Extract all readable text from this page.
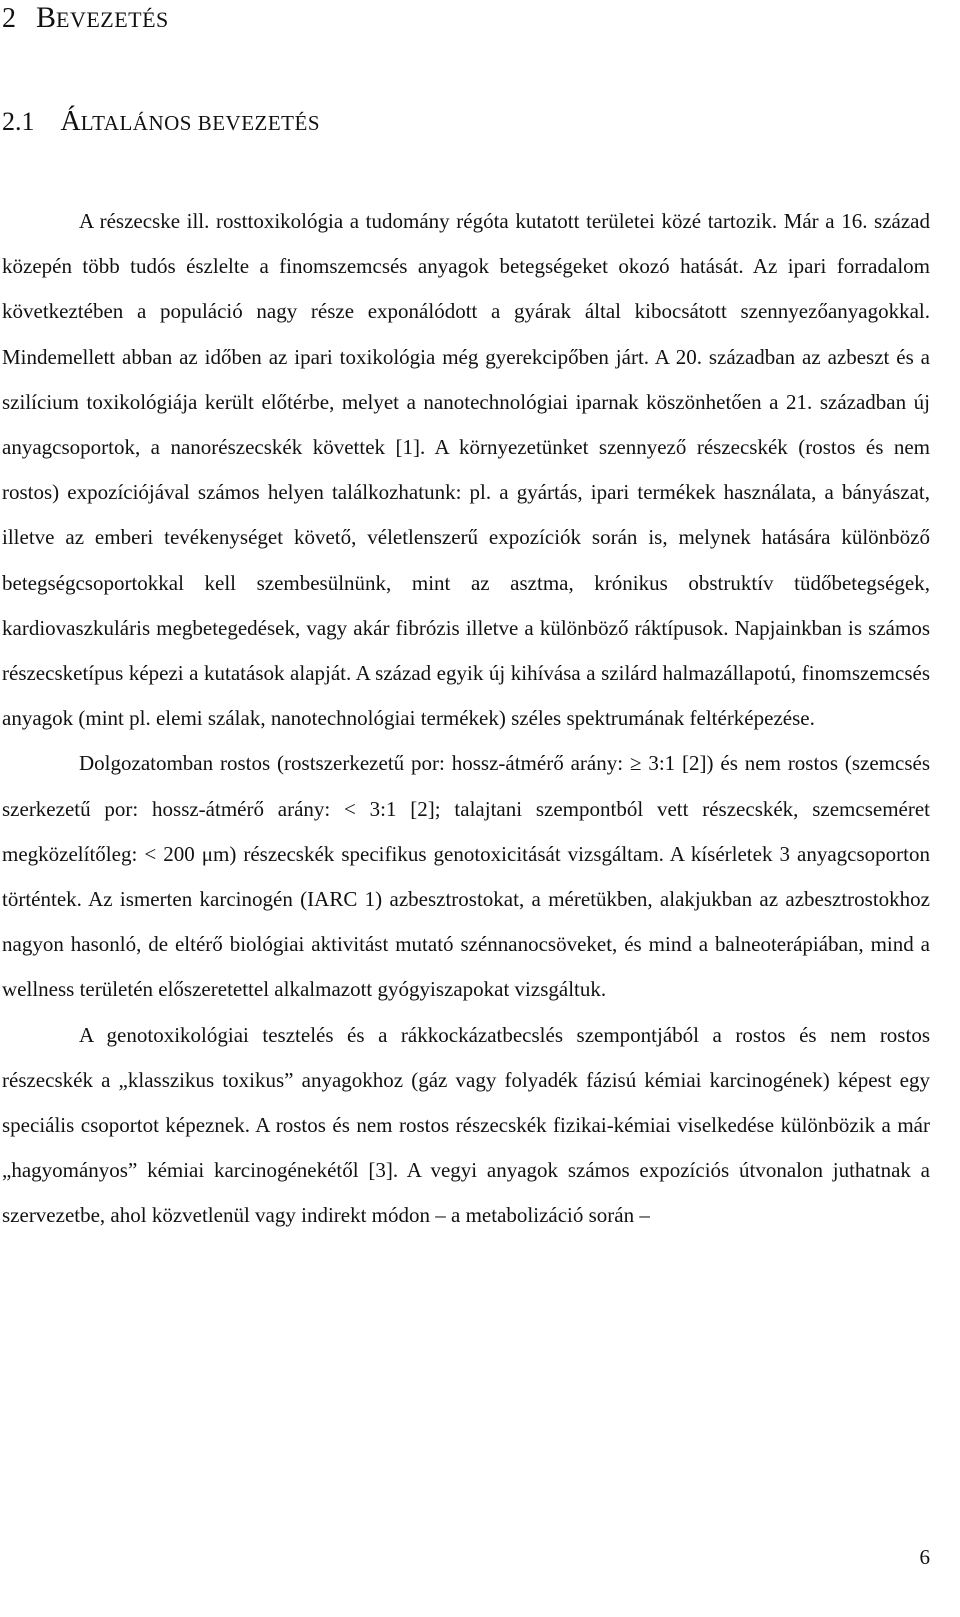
2 BEVEZETÉS
2.1 ÁLTALÁNOS BEVEZETÉS

A részecske ill. rosttoxikológia a tudomány régóta kutatott területei közé tartozik. Már a 16. század közepén több tudós észlelte a finomszemcsés anyagok betegségeket okozó hatását. Az ipari forradalom következtében a populáció nagy része exponálódott a gyárak által kibocsátott szennyezőanyagokkal. Mindemellett abban az időben az ipari toxikológia még gyerekcipőben járt. A 20. században az azbeszt és a szilícium toxikológiája került előtérbe, melyet a nanotechnológiai iparnak köszönhetően a 21. században új anyagcsoportok, a nanorészecskék követtek [1]. A környezetünket szennyező részecskék (rostos és nem rostos) expozíciójával számos helyen találkozhatunk: pl. a gyártás, ipari termékek használata, a bányászat, illetve az emberi tevékenységet követő, véletlenszerű expozíciók során is, melynek hatására különböző betegségcsoportokkal kell szembesülnünk, mint az asztma, krónikus obstruktív tüdőbetegségek, kardiovaszkuláris megbetegedések, vagy akár fibrózis illetve a különböző ráktípusok. Napjainkban is számos részecsketípus képezi a kutatások alapját. A század egyik új kihívása a szilárd halmazállapotú, finomszemcsés anyagok (mint pl. elemi szálak, nanotechnológiai termékek) széles spektrumának feltérképezése.

Dolgozatomban rostos (rostszerkezetű por: hossz-átmérő arány: ≥ 3:1 [2]) és nem rostos (szemcsés szerkezetű por: hossz-átmérő arány: < 3:1 [2]; talajtani szempontból vett részecskék, szemcseméret megközelítőleg: < 200 μm) részecskék specifikus genotoxicitását vizsgáltam. A kísérletek 3 anyagcsoporton történtek. Az ismerten karcinogén (IARC 1) azbesztrostokat, a méretükben, alakjukban az azbesztrostokhoz nagyon hasonló, de eltérő biológiai aktivitást mutató szénnanocsöveket, és mind a balneoterápiában, mind a wellness területén előszeretettel alkalmazott gyógyiszapokat vizsgáltuk.

A genotoxikológiai tesztelés és a rákkockázatbecslés szempontjából a rostos és nem rostos részecskék a „klasszikus toxikus” anyagokhoz (gáz vagy folyadék fázisú kémiai karcinogének) képest egy speciális csoportot képeznek. A rostos és nem rostos részecskék fizikai-kémiai viselkedése különbözik a már „hagyományos” kémiai karcinogénekétől [3]. A vegyi anyagok számos expozíciós útvonalon juthatnak a szervezetbe, ahol közvetlenül vagy indirekt módon – a metabolizáció során –

6
